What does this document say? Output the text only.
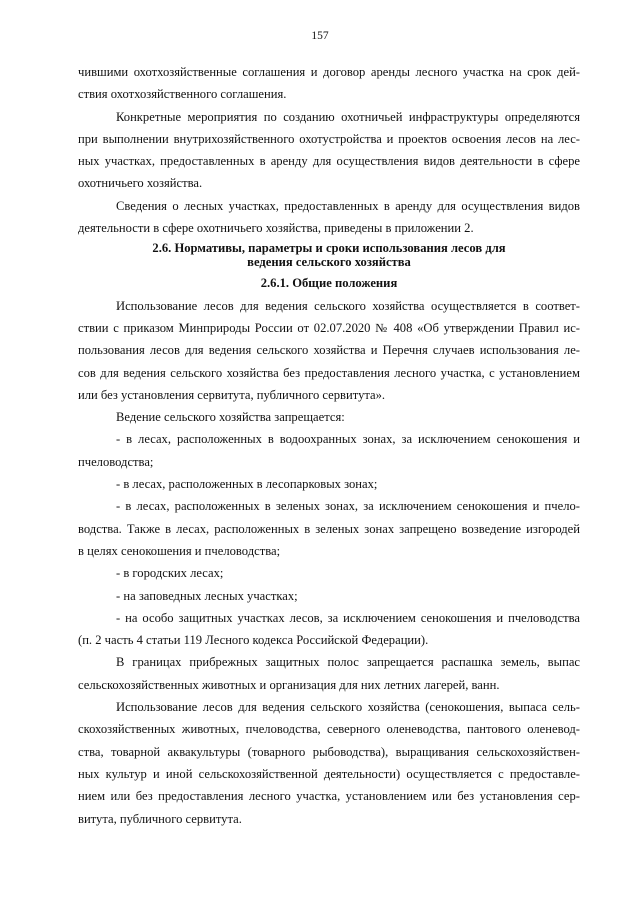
157
чившими охотхозяйственные соглашения и договор аренды лесного участка на срок дей-
ствия охотхозяйственного соглашения.
Конкретные мероприятия по созданию охотничьей инфраструктуры определяются
при выполнении внутрихозяйственного охотустройства и проектов освоения лесов на лес-
ных участках, предоставленных в аренду для осуществления видов деятельности в сфере
охотничьего хозяйства.
Сведения о лесных участках, предоставленных в аренду для осуществления видов
деятельности в сфере охотничьего хозяйства, приведены в приложении 2.
2.6. Нормативы, параметры и сроки использования лесов для
ведения сельского хозяйства
2.6.1. Общие положения
Использование лесов для ведения сельского хозяйства осуществляется в соответ-
ствии с приказом Минприроды России от 02.07.2020 № 408 «Об утверждении Правил ис-
пользования лесов для ведения сельского хозяйства и Перечня случаев использования ле-
сов для ведения сельского хозяйства без предоставления лесного участка, с установлением
или без установления сервитута, публичного сервитута».
Ведение сельского хозяйства запрещается:
- в лесах, расположенных в водоохранных зонах, за исключением сенокошения и
пчеловодства;
- в лесах, расположенных в лесопарковых зонах;
- в лесах, расположенных в зеленых зонах, за исключением сенокошения и пчело-
водства. Также в лесах, расположенных в зеленых зонах запрещено возведение изгородей
в целях сенокошения и пчеловодства;
- в городских лесах;
- на заповедных лесных участках;
- на особо защитных участках лесов, за исключением сенокошения и пчеловодства
(п. 2 часть 4 статьи 119 Лесного кодекса Российской Федерации).
В границах прибрежных защитных полос запрещается распашка земель, выпас
сельскохозяйственных животных и организация для них летних лагерей, ванн.
Использование лесов для ведения сельского хозяйства (сенокошения, выпаса сель-
скохозяйственных животных, пчеловодства, северного оленеводства, пантового оленевод-
ства, товарной аквакультуры (товарного рыбоводства), выращивания сельскохозяйствен-
ных культур и иной сельскохозяйственной деятельности) осуществляется с предоставле-
нием или без предоставления лесного участка, установлением или без установления сер-
витута, публичного сервитута.
